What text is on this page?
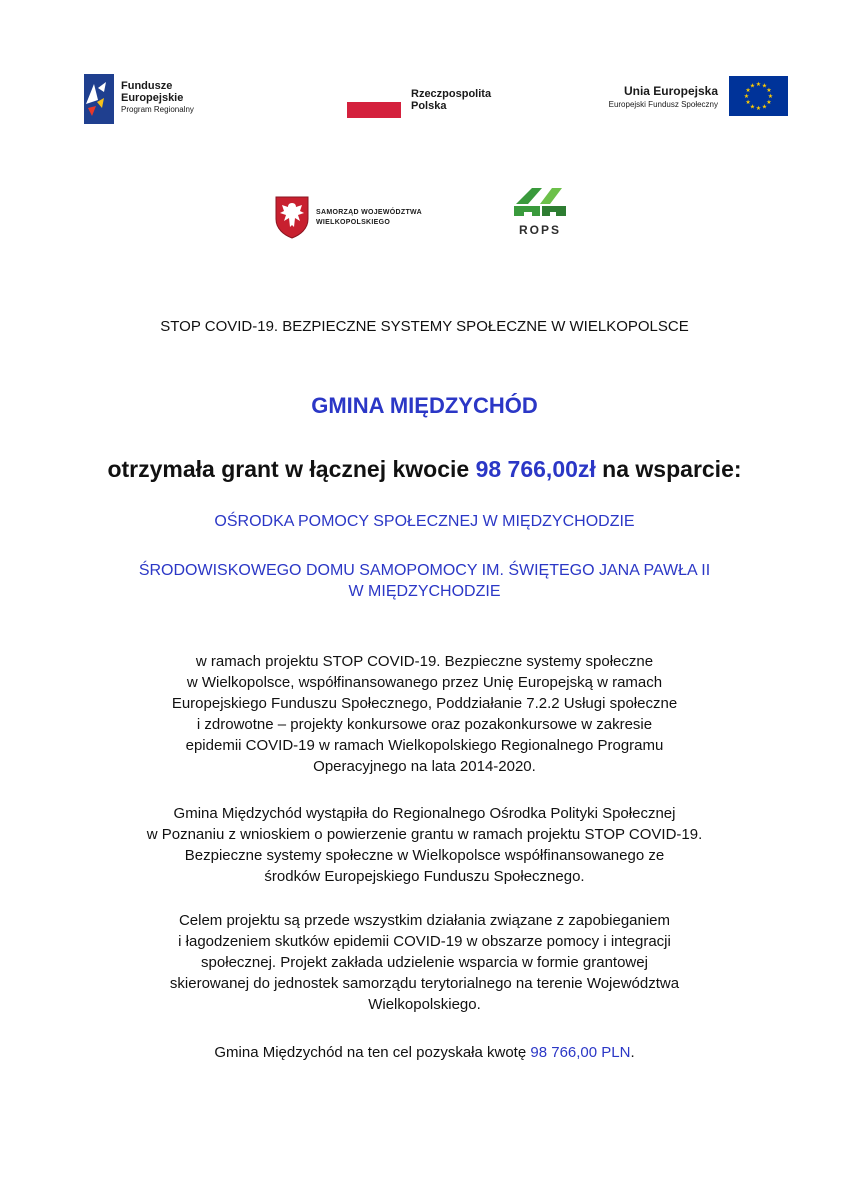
Fundusze
Europejskie
Program Regionalny
Rzeczpospolita
Polska
Unia Europejska
Europejski Fundusz Społeczny
★
★
★
★
★
★
★
★
★ ★ ★
★
SAMORZĄD WOJEWÓDZTWA
WIELKOPOLSKIEGO
ROPS
STOP COVID-19. BEZPIECZNE SYSTEMY SPOŁECZNE W WIELKOPOLSCE
GMINA MIĘDZYCHÓD
otrzymała grant w łącznej kwocie 98 766,00zł na wsparcie:
OŚRODKA POMOCY SPOŁECZNEJ W MIĘDZYCHODZIE
ŚRODOWISKOWEGO DOMU SAMOPOMOCY IM. ŚWIĘTEGO JANA PAWŁA II
W MIĘDZYCHODZIE
w ramach projektu STOP COVID-19. Bezpieczne systemy społeczne
w Wielkopolsce, współfinansowanego przez Unię Europejską w ramach
Europejskiego Funduszu Społecznego, Poddziałanie 7.2.2 Usługi społeczne
i zdrowotne – projekty konkursowe oraz pozakonkursowe w zakresie
epidemii COVID-19 w ramach Wielkopolskiego Regionalnego Programu
Operacyjnego na lata 2014-2020.
Gmina Międzychód wystąpiła do Regionalnego Ośrodka Polityki Społecznej
w Poznaniu z wnioskiem o powierzenie grantu w ramach projektu STOP COVID-19.
Bezpieczne systemy społeczne w Wielkopolsce współfinansowanego ze
środków Europejskiego Funduszu Społecznego.
Celem projektu są przede wszystkim działania związane z zapobieganiem
i łagodzeniem skutków epidemii COVID-19 w obszarze pomocy i integracji
społecznej. Projekt zakłada udzielenie wsparcia w formie grantowej
skierowanej do jednostek samorządu terytorialnego na terenie Województwa
Wielkopolskiego.
Gmina Międzychód na ten cel pozyskała kwotę 98 766,00 PLN.
